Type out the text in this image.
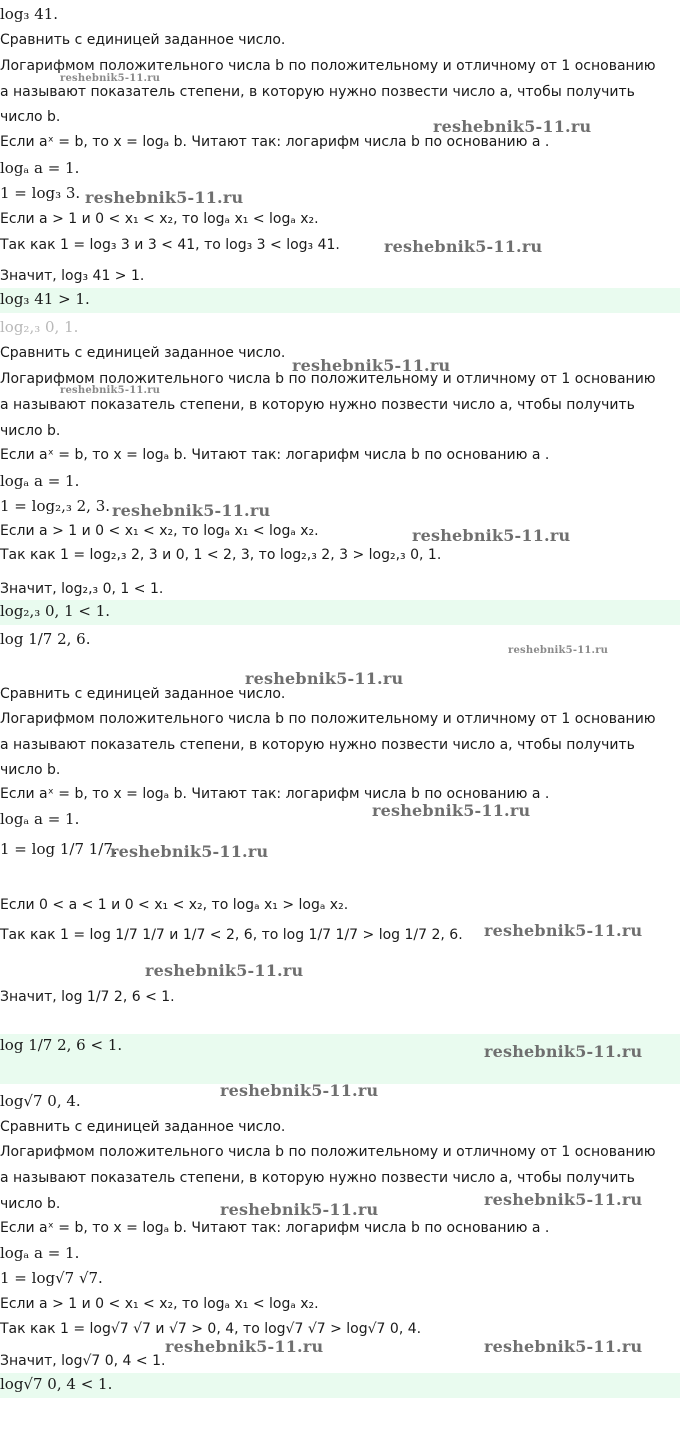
log₃ 41.
Сравнить с единицей заданное число.
Логарифмом положительного числа b по положительному и отличному от 1 основанию
a называют показатель степени, в которую нужно позвести число a, чтобы получить
число b.
Если aˣ = b, то x = logₐ b. Читают так: логарифм числа b по основанию a .
logₐ a = 1.
1 = log₃ 3.
Если a > 1 и 0 < x₁ < x₂, то logₐ x₁ < logₐ x₂.
Так как 1 = log₃ 3 и 3 < 41, то log₃ 3 < log₃ 41.
Значит, log₃ 41 > 1.
log₃ 41 > 1.
log₂,₃ 0, 1.
Сравнить с единицей заданное число.
Логарифмом положительного числа b по положительному и отличному от 1 основанию
a называют показатель степени, в которую нужно позвести число a, чтобы получить
число b.
Если aˣ = b, то x = logₐ b. Читают так: логарифм числа b по основанию a .
logₐ a = 1.
1 = log₂,₃ 2, 3.
Если a > 1 и 0 < x₁ < x₂, то logₐ x₁ < logₐ x₂.
Так как 1 = log₂,₃ 2, 3 и 0, 1 < 2, 3, то log₂,₃ 2, 3 > log₂,₃ 0, 1.
Значит, log₂,₃ 0, 1 < 1.
log₂,₃ 0, 1 < 1.
log 1/7 2, 6.
Сравнить с единицей заданное число.
Логарифмом положительного числа b по положительному и отличному от 1 основанию
a называют показатель степени, в которую нужно позвести число a, чтобы получить
число b.
Если aˣ = b, то x = logₐ b. Читают так: логарифм числа b по основанию a .
logₐ a = 1.
1 = log 1/7 1/7.
Если 0 < a < 1 и 0 < x₁ < x₂, то logₐ x₁ > logₐ x₂.
Так как 1 = log 1/7 1/7 и 1/7 < 2, 6, то log 1/7 1/7 > log 1/7 2, 6.
Значит, log 1/7 2, 6 < 1.
log 1/7 2, 6 < 1.
log√7 0, 4.
Сравнить с единицей заданное число.
Логарифмом положительного числа b по положительному и отличному от 1 основанию
a называют показатель степени, в которую нужно позвести число a, чтобы получить
число b.
Если aˣ = b, то x = logₐ b. Читают так: логарифм числа b по основанию a .
logₐ a = 1.
1 = log√7 √7.
Если a > 1 и 0 < x₁ < x₂, то logₐ x₁ < logₐ x₂.
Так как 1 = log√7 √7 и √7 > 0, 4, то log√7 √7 > log√7 0, 4.
Значит, log√7 0, 4 < 1.
log√7 0, 4 < 1.
reshebnik5-11.ru
reshebnik5-11.ru
reshebnik5-11.ru
reshebnik5-11.ru
reshebnik5-11.ru
reshebnik5-11.ru
reshebnik5-11.ru
reshebnik5-11.ru
reshebnik5-11.ru
reshebnik5-11.ru
reshebnik5-11.ru
reshebnik5-11.ru
reshebnik5-11.ru
reshebnik5-11.ru
reshebnik5-11.ru
reshebnik5-11.ru
reshebnik5-11.ru
reshebnik5-11.ru
reshebnik5-11.ru	reshebnik5-11.ru
